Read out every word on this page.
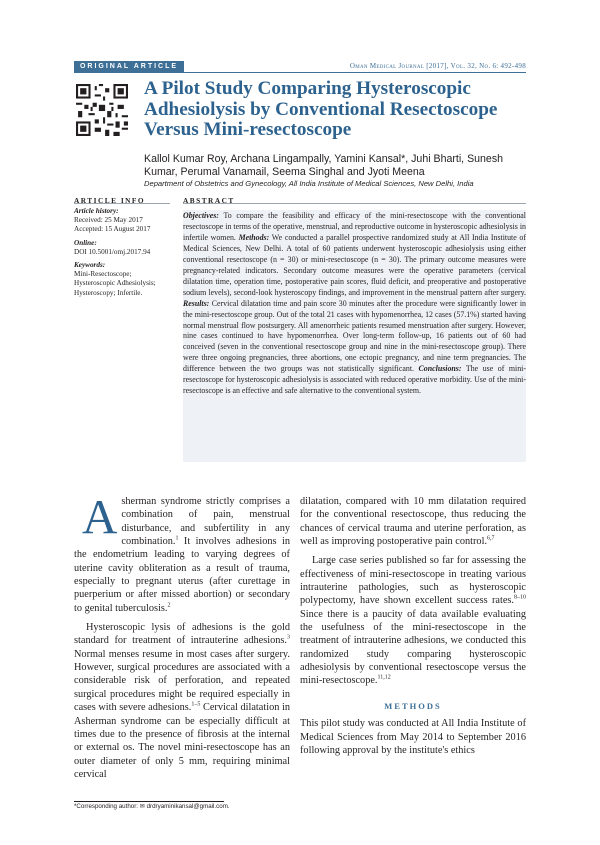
ORIGINAL ARTICLE	Oman Medical Journal [2017], Vol. 32, No. 6: 492-498
A Pilot Study Comparing Hysteroscopic Adhesiolysis by Conventional Resectoscope Versus Mini-resectoscope
Kallol Kumar Roy, Archana Lingampally, Yamini Kansal*, Juhi Bharti, Sunesh Kumar, Perumal Vanamail, Seema Singhal and Jyoti Meena
Department of Obstetrics and Gynecology, All India Institute of Medical Sciences, New Delhi, India
ARTICLE INFO	ABSTRACT
Article history:
Received: 25 May 2017
Accepted: 15 August 2017
Online:
DOI 10.5001/omj.2017.94
Keywords:
Mini-Resectoscope;
Hysteroscopic Adhesiolysis;
Hysteroscopy; Infertile.
Objectives: To compare the feasibility and efficacy of the mini-resectoscope with the conventional resectoscope in terms of the operative, menstrual, and reproductive outcome in hysteroscopic adhesiolysis in infertile women. Methods: We conducted a parallel prospective randomized study at All India Institute of Medical Sciences, New Delhi. A total of 60 patients underwent hysteroscopic adhesiolysis using either conventional resectoscope (n = 30) or mini-resectoscope (n = 30). The primary outcome measures were pregnancy-related indicators. Secondary outcome measures were the operative parameters (cervical dilatation time, operation time, postoperative pain scores, fluid deficit, and preoperative and postoperative sodium levels), second-look hysteroscopy findings, and improvement in the menstrual pattern after surgery. Results: Cervical dilatation time and pain score 30 minutes after the procedure were significantly lower in the mini-resectoscope group. Out of the total 21 cases with hypomenorrhea, 12 cases (57.1%) started having normal menstrual flow postsurgery. All amenorrheic patients resumed menstruation after surgery. However, nine cases continued to have hypomenorrhea. Over long-term follow-up, 16 patients out of 60 had conceived (seven in the conventional resectoscope group and nine in the mini-resectoscope group). There were three ongoing pregnancies, three abortions, one ectopic pregnancy, and nine term pregnancies. The difference between the two groups was not statistically significant. Conclusions: The use of mini-resectoscope for hysteroscopic adhesiolysis is associated with reduced operative morbidity. Use of the mini-resectoscope is an effective and safe alternative to the conventional system.

Asherman syndrome strictly comprises a combination of pain, menstrual disturbance, and subfertility in any combination.$^1$ It involves adhesions in the endometrium leading to varying degrees of uterine cavity obliteration as a result of trauma, especially to pregnant uterus (after curettage in puerperium or after missed abortion) or secondary to genital tuberculosis.$^2$

Hysteroscopic lysis of adhesions is the gold standard for treatment of intrauterine adhesions.$^3$ Normal menses resume in most cases after surgery. However, surgical procedures are associated with a considerable risk of perforation, and repeated surgical procedures might be required especially in cases with severe adhesions.$^{1-5}$ Cervical dilatation in Asherman syndrome can be especially difficult at times due to the presence of fibrosis at the internal or external os. The novel mini-resectoscope has an outer diameter of only 5 mm, requiring minimal cervical

dilatation, compared with 10 mm dilatation required for the conventional resectoscope, thus reducing the chances of cervical trauma and uterine perforation, as well as improving postoperative pain control.$^{6,7}$

Large case series published so far for assessing the effectiveness of mini-resectoscope in treating various intrauterine pathologies, such as hysteroscopic polypectomy, have shown excellent success rates.$^{8-10}$ Since there is a paucity of data available evaluating the usefulness of the mini-resectoscope in the treatment of intrauterine adhesions, we conducted this randomized study comparing hysteroscopic adhesiolysis by conventional resectoscope versus the mini-resectoscope.$^{11,12}$

METHODS

This pilot study was conducted at All India Institute of Medical Sciences from May 2014 to September 2016 following approval by the institute's ethics

*Corresponding author: ✉ drdryaminikansal@gmail.com.
